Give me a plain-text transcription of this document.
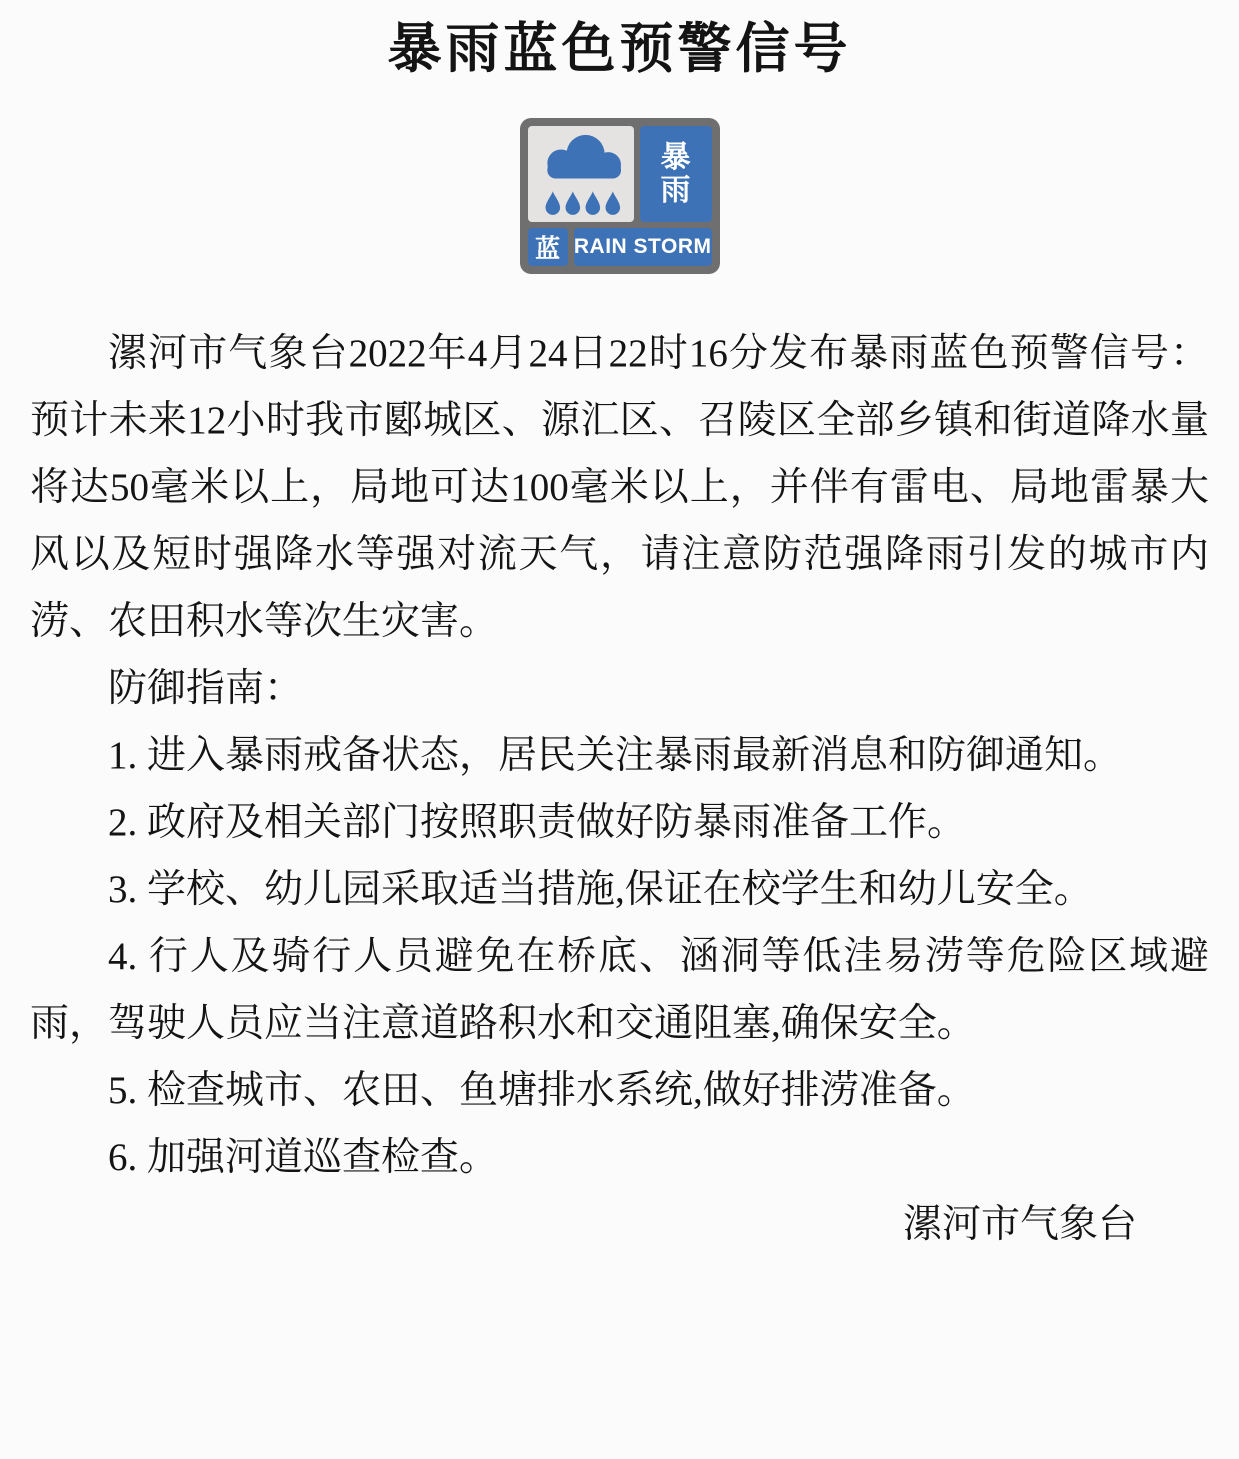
暴雨蓝色预警信号
暴
雨
蓝 RAIN STORM

漯河市气象台2022年4月24日22时16分发布暴雨蓝色预警信号：预计未来12小时我市郾城区、源汇区、召陵区全部乡镇和街道降水量将达50毫米以上，局地可达100毫米以上，并伴有雷电、局地雷暴大风以及短时强降水等强对流天气，请注意防范强降雨引发的城市内涝、农田积水等次生灾害。

防御指南：

1. 进入暴雨戒备状态，居民关注暴雨最新消息和防御通知。

2. 政府及相关部门按照职责做好防暴雨准备工作。

3. 学校、幼儿园采取适当措施,保证在校学生和幼儿安全。

4. 行人及骑行人员避免在桥底、涵洞等低洼易涝等危险区域避雨，驾驶人员应当注意道路积水和交通阻塞,确保安全。

5. 检查城市、农田、鱼塘排水系统,做好排涝准备。

6. 加强河道巡查检查。

漯河市气象台
